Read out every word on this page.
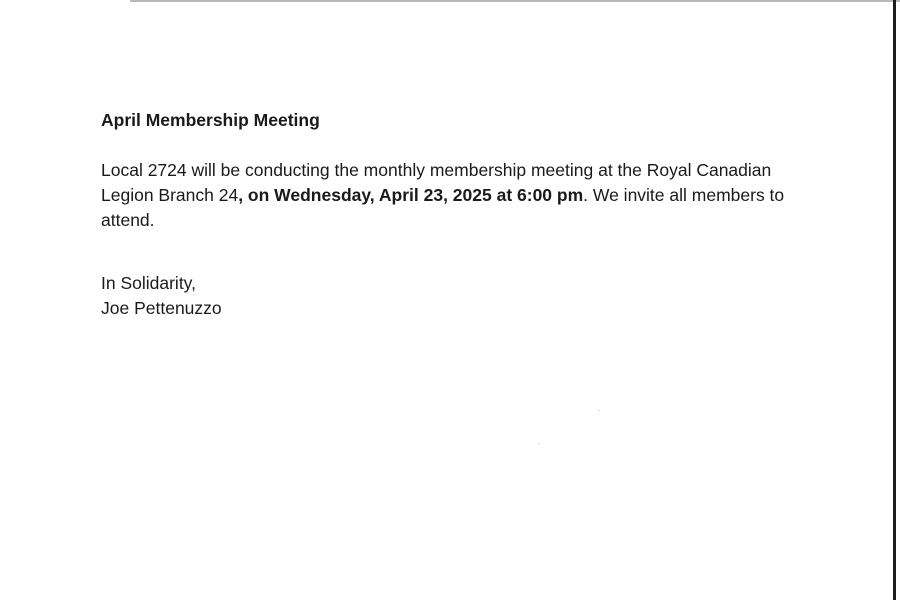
April Membership Meeting

Local 2724 will be conducting the monthly membership meeting at the Royal Canadian Legion Branch 24, on Wednesday, April 23, 2025 at 6:00 pm. We invite all members to attend.

In Solidarity,

Joe Pettenuzzo
